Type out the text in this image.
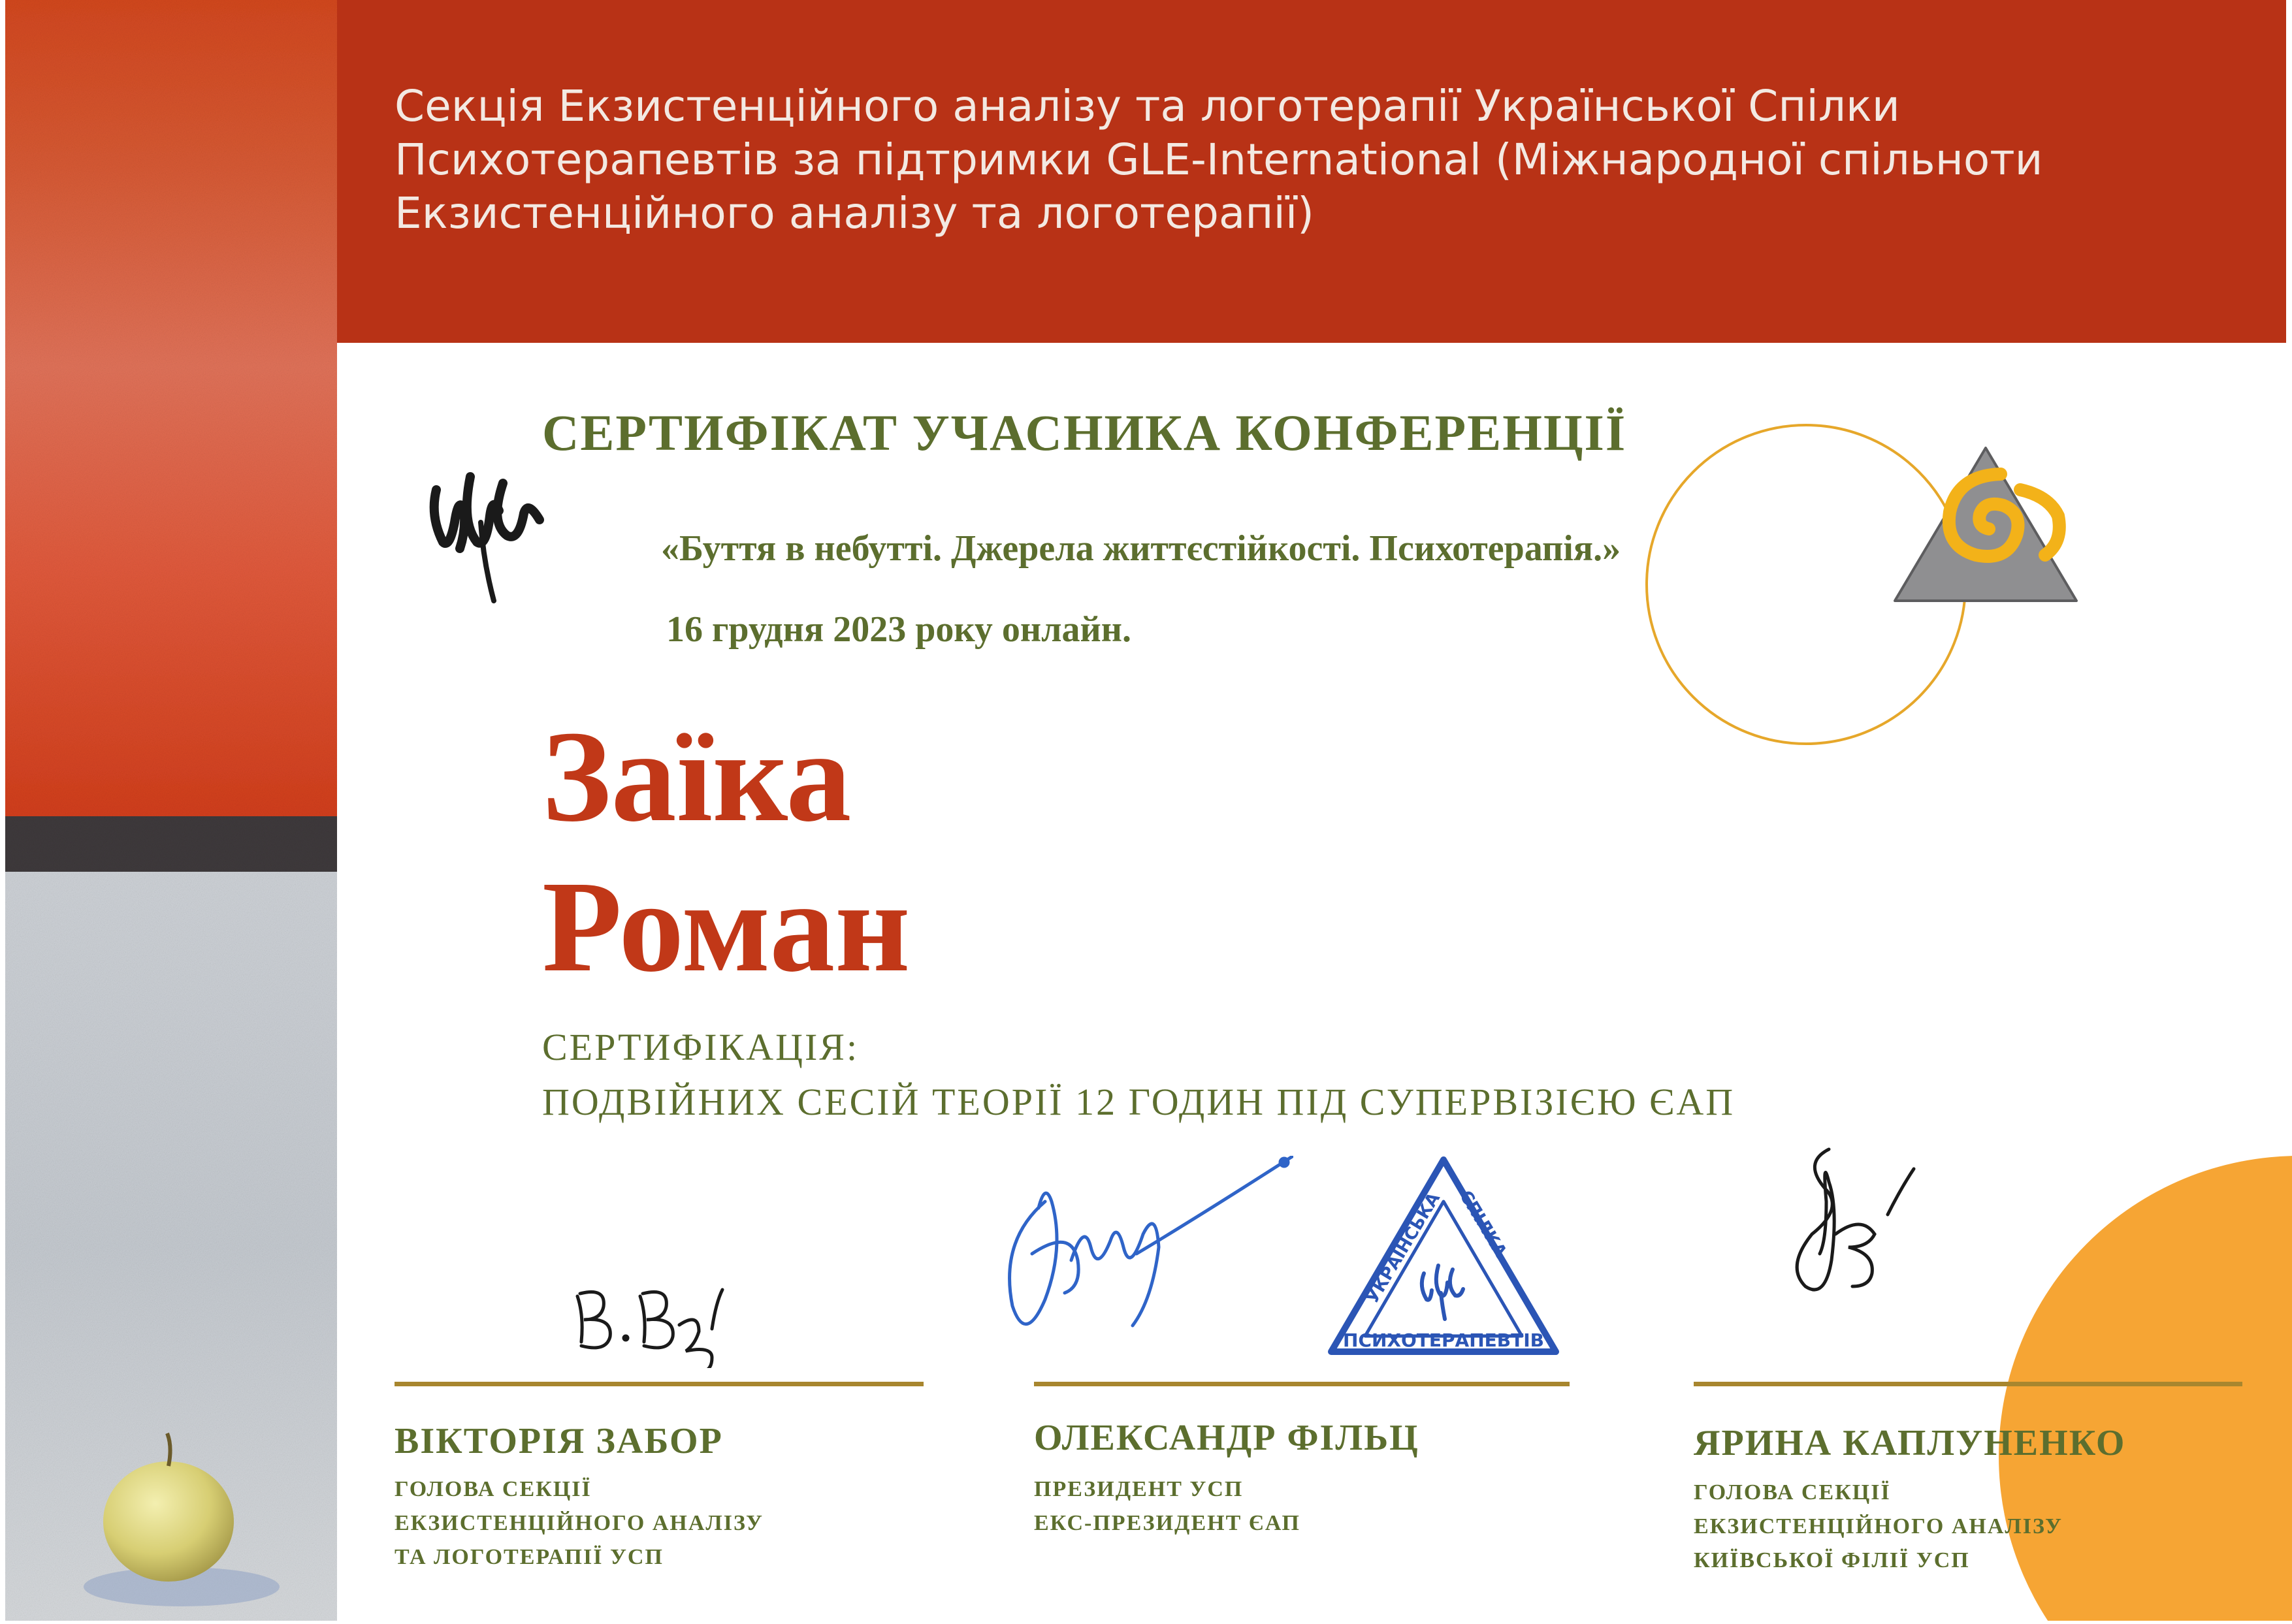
Секція Екзистенційного аналізу та логотерапії Української Спілки Психотерапевтів за підтримки GLE-International (Міжнародної спільноти Екзистенційного аналізу та логотерапії)

СЕРТИФІКАТ УЧАСНИКА КОНФЕРЕНЦІЇ

«Буття в небутті. Джерела життєстійкості. Психотерапія.»

16 грудня 2023 року онлайн.

Заїка
Роман

СЕРТИФІКАЦІЯ:

ПОДВІЙНИХ СЕСІЙ ТЕОРІЇ 12 ГОДИН ПІД СУПЕРВІЗІЄЮ ЄАП

УКРАЇНСЬКА СПІЛКА
ПСИХОТЕРАПЕВТІВ

ВІКТОРІЯ ЗАБОР

ГОЛОВА СЕКЦІЇ
ЕКЗИСТЕНЦІЙНОГО АНАЛІЗУ
ТА ЛОГОТЕРАПІЇ УСП

ОЛЕКСАНДР ФІЛЬЦ

ПРЕЗИДЕНТ УСП
ЕКС-ПРЕЗИДЕНТ ЄАП

ЯРИНА КАПЛУНЕНКО

ГОЛОВА СЕКЦІЇ
ЕКЗИСТЕНЦІЙНОГО АНАЛІЗУ
КИЇВСЬКОЇ ФІЛІЇ УСП
